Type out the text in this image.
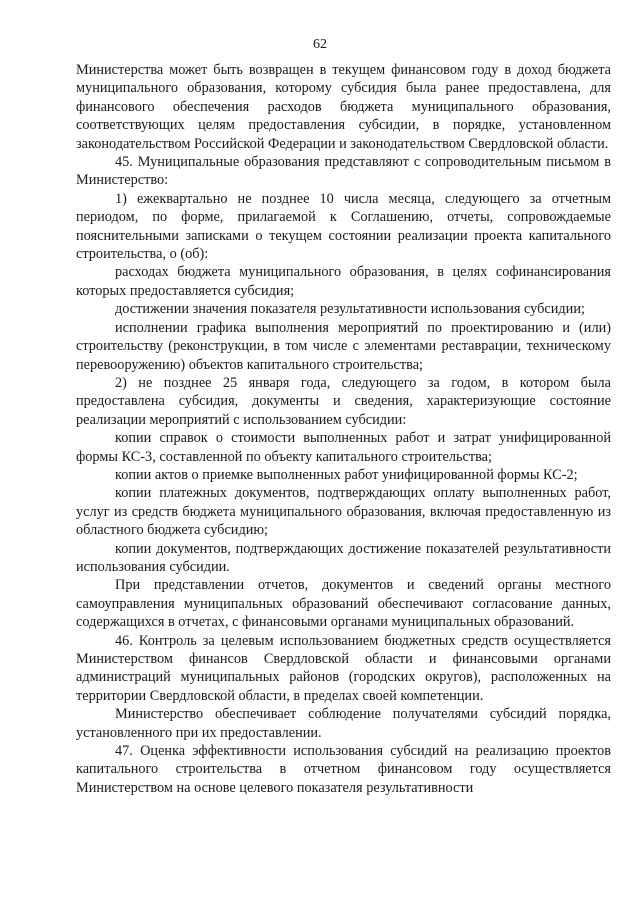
62

Министерства может быть возвращен в текущем финансовом году в доход бюджета муниципального образования, которому субсидия была ранее предоставлена, для финансового обеспечения расходов бюджета муниципального образования, соответствующих целям предоставления субсидии, в порядке, установленном законодательством Российской Федерации и законодательством Свердловской области.

45. Муниципальные образования представляют с сопроводительным письмом в Министерство:

1) ежеквартально не позднее 10 числа месяца, следующего за отчетным периодом, по форме, прилагаемой к Соглашению, отчеты, сопровождаемые пояснительными записками о текущем состоянии реализации проекта капитального строительства, о (об):

расходах бюджета муниципального образования, в целях софинансирования которых предоставляется субсидия;

достижении значения показателя результативности использования субсидии;

исполнении графика выполнения мероприятий по проектированию и (или) строительству (реконструкции, в том числе с элементами реставрации, техническому перевооружению) объектов капитального строительства;

2) не позднее 25 января года, следующего за годом, в котором была предоставлена субсидия, документы и сведения, характеризующие состояние реализации мероприятий с использованием субсидии:

копии справок о стоимости выполненных работ и затрат унифицированной формы КС-3, составленной по объекту капитального строительства;

копии актов о приемке выполненных работ унифицированной формы КС-2;

копии платежных документов, подтверждающих оплату выполненных работ, услуг из средств бюджета муниципального образования, включая предоставленную из областного бюджета субсидию;

копии документов, подтверждающих достижение показателей результативности использования субсидии.

При представлении отчетов, документов и сведений органы местного самоуправления муниципальных образований обеспечивают согласование данных, содержащихся в отчетах, с финансовыми органами муниципальных образований.

46. Контроль за целевым использованием бюджетных средств осуществляется Министерством финансов Свердловской области и финансовыми органами администраций муниципальных районов (городских округов), расположенных на территории Свердловской области, в пределах своей компетенции.

Министерство обеспечивает соблюдение получателями субсидий порядка, установленного при их предоставлении.

47. Оценка эффективности использования субсидий на реализацию проектов капитального строительства в отчетном финансовом году осуществляется Министерством на основе целевого показателя результативности
